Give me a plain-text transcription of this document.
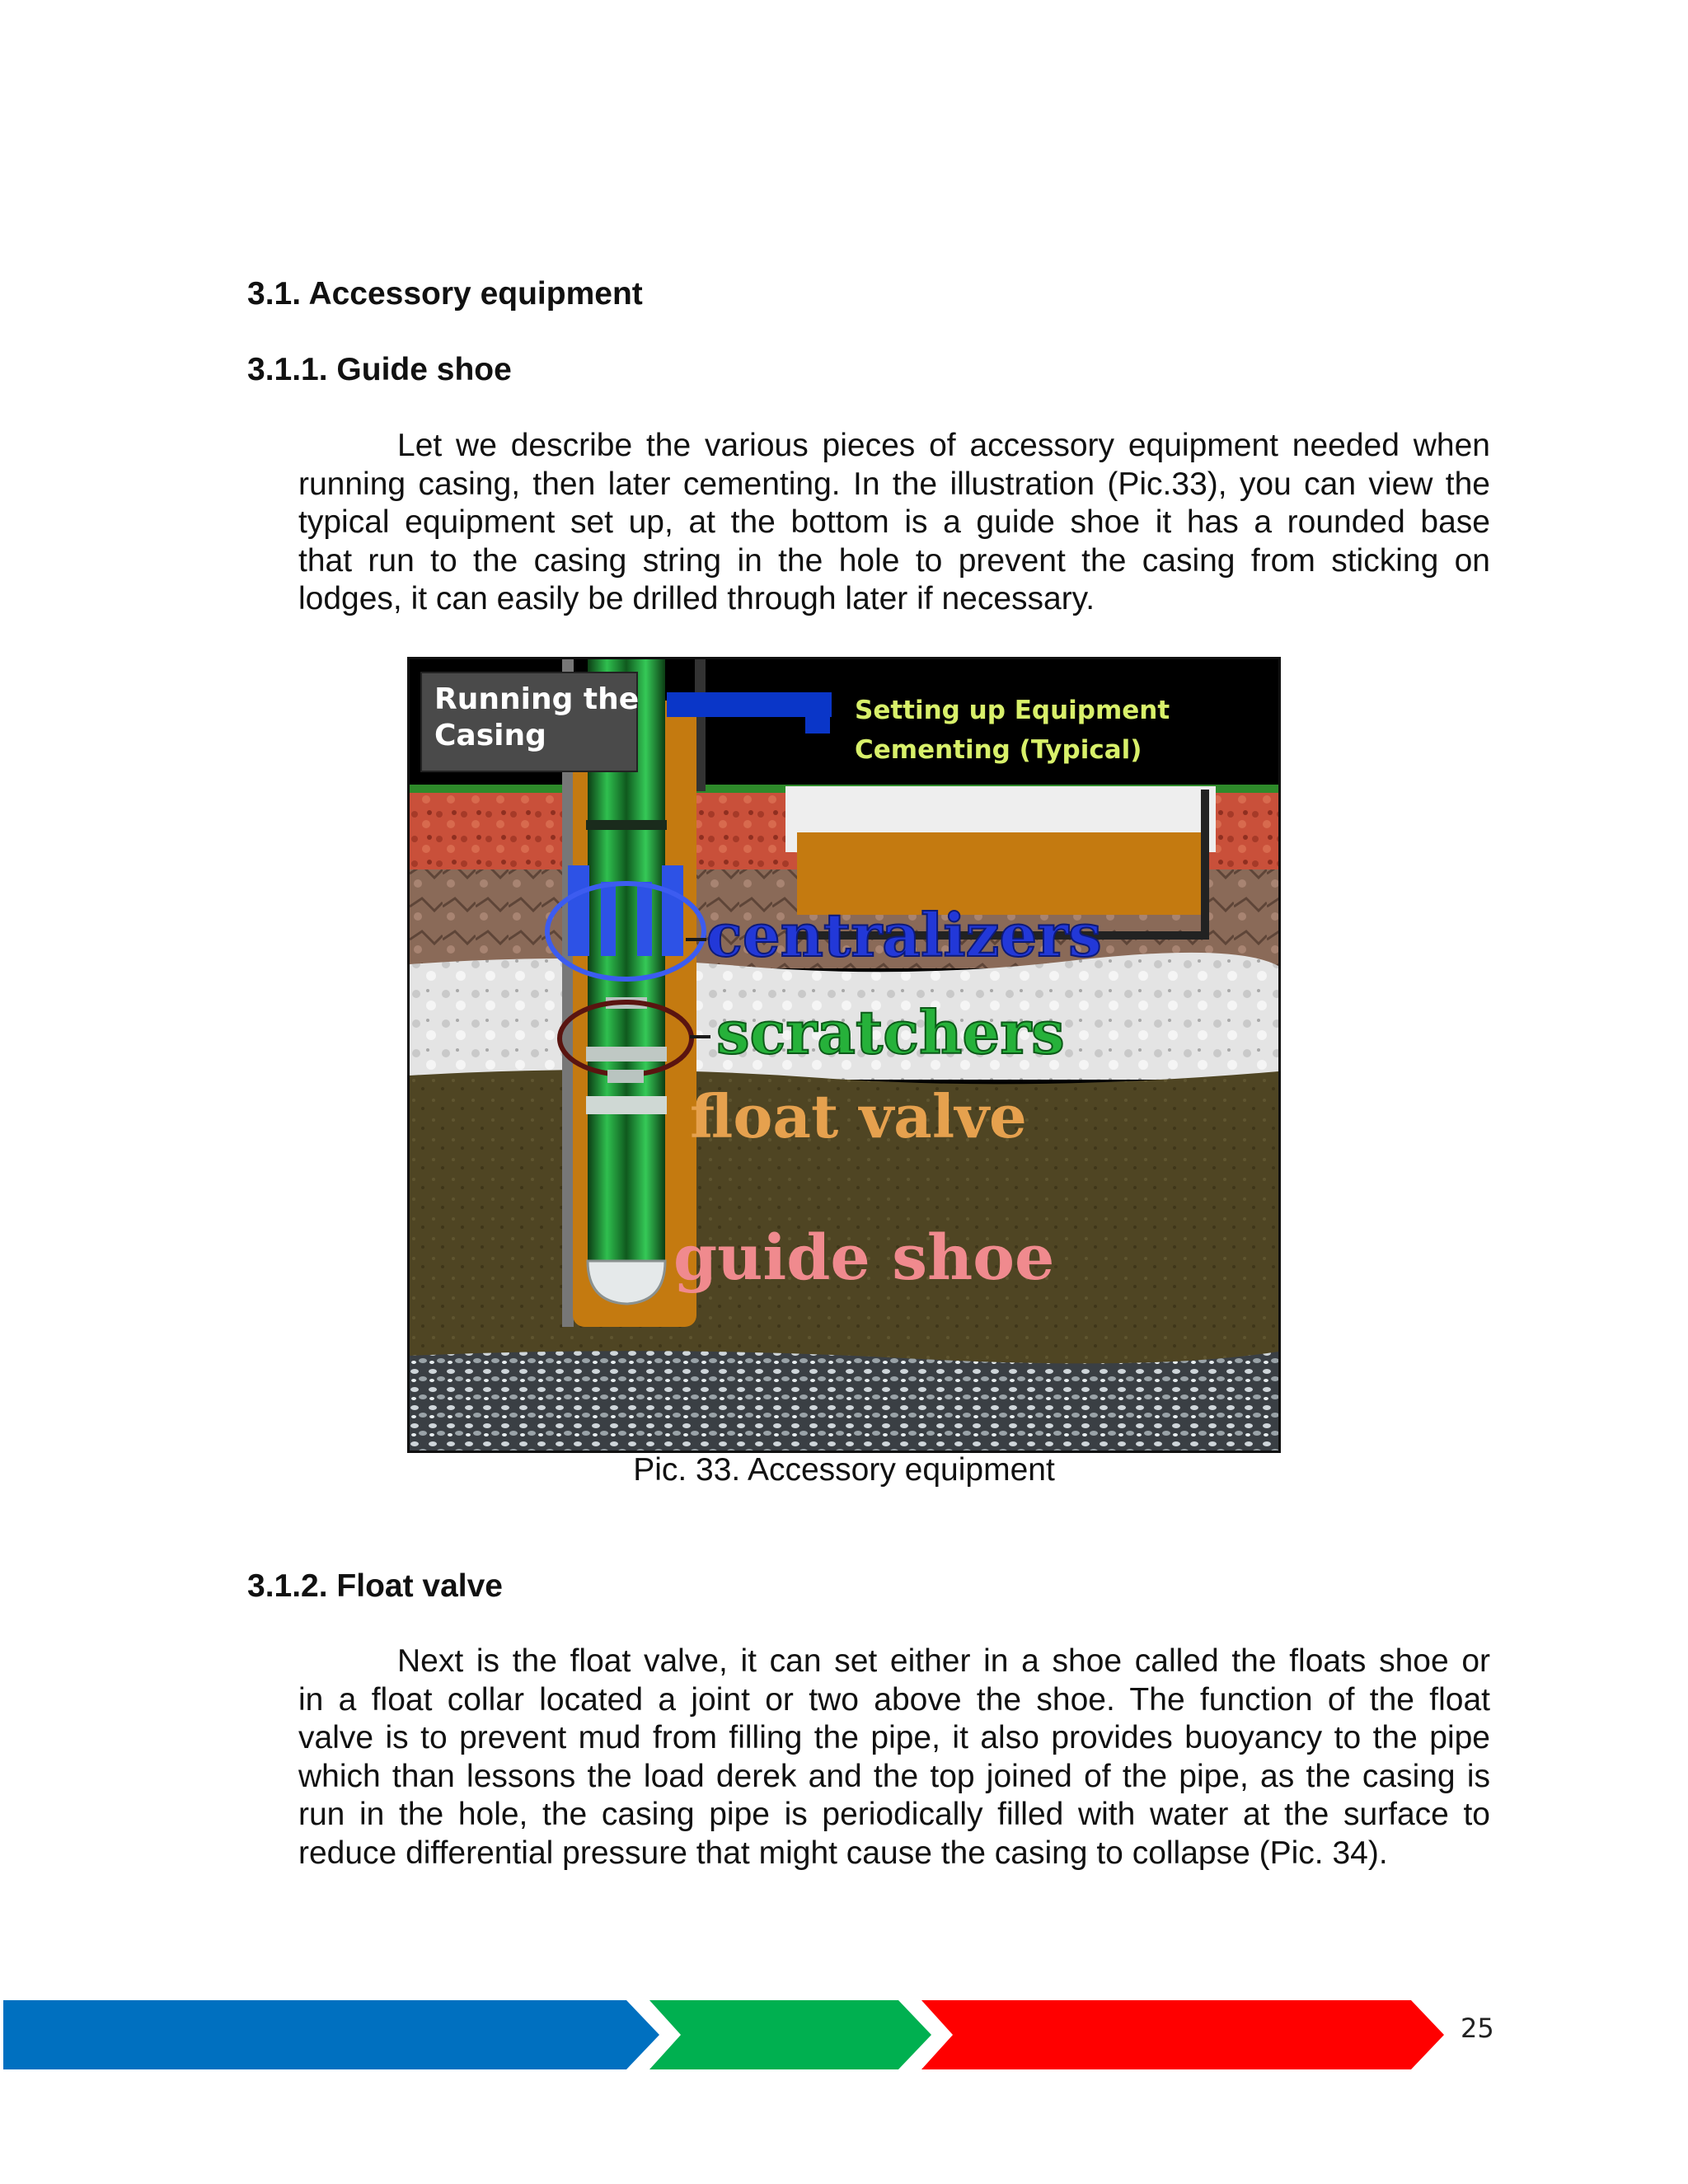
3.1. Accessory equipment
3.1.1. Guide shoe

Let we describe the various pieces of accessory equipment needed when
running casing, then later cementing. In the illustration (Pic.33), you can view the
typical equipment set up, at the bottom is a guide shoe it has a rounded base
that run to the casing string in the hole to prevent the casing from sticking on
lodges, it can easily be drilled through later if necessary.

Running the
Casing
Setting up Equipment
Cementing (Typical)
centralizers
scratchers
float valve
guide shoe

Pic. 33. Accessory equipment

3.1.2. Float valve

Next is the float valve, it can set either in a shoe called the floats shoe or
in a float collar located a joint or two above the shoe. The function of the float
valve is to prevent mud from filling the pipe, it also provides buoyancy to the pipe
which than lessons the load derek and the top joined of the pipe, as the casing is
run in the hole, the casing pipe is periodically filled with water at the surface to
reduce differential pressure that might cause the casing to collapse (Pic. 34).

25
